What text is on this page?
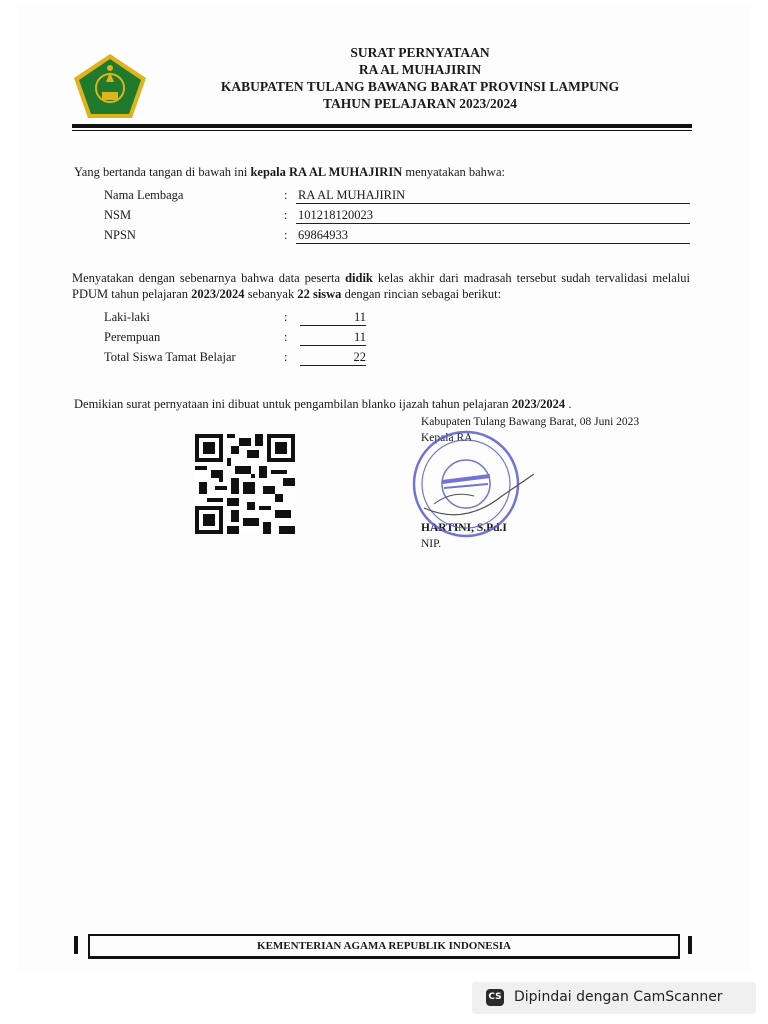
SURAT PERNYATAAN
RA AL MUHAJIRIN
KABUPATEN TULANG BAWANG BARAT PROVINSI LAMPUNG
TAHUN PELAJARAN 2023/2024
Yang bertanda tangan di bawah ini kepala RA AL MUHAJIRIN menyatakan bahwa:
Nama Lembaga	: RA AL MUHAJIRIN
NSM	: 101218120023
NPSN	: 69864933
Menyatakan dengan sebenarnya bahwa data peserta didik kelas akhir dari madrasah tersebut sudah tervalidasi melalui PDUM tahun pelajaran 2023/2024 sebanyak 22 siswa dengan rincian sebagai berikut:
Laki-laki	:	11
Perempuan	:	11
Total Siswa Tamat Belajar	:	22
Demikian surat pernyataan ini dibuat untuk pengambilan blanko ijazah tahun pelajaran 2023/2024 .
Kabupaten Tulang Bawang Barat, 08 Juni 2023
Kepala RA
HARTINI, S.Pd.I
NIP.
KEMENTERIAN AGAMA REPUBLIK INDONESIA
CS Dipindai dengan CamScanner
